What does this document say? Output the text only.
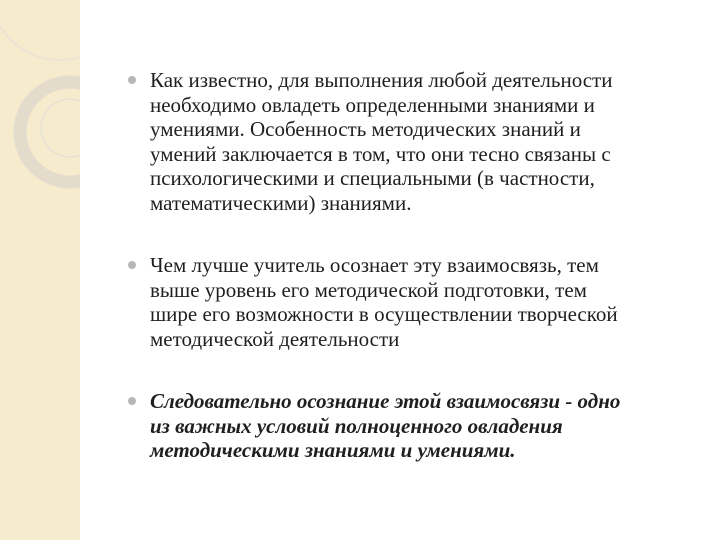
Как известно, для выполнения любой деятельности
необходимо овладеть определенными знаниями и
умениями. Особенность методических знаний и
умений заключается в том, что они тесно связаны с
психологическими и специальными (в частности,
математическими) знаниями.
Чем лучше учитель осознает эту взаимосвязь, тем
выше уровень его методической подготовки, тем
шире его возможности в осуществлении творческой
методической деятельности
Следовательно осознание этой взаимосвязи - одно
из важных условий полноценного овладения
методическими знаниями и умениями.
